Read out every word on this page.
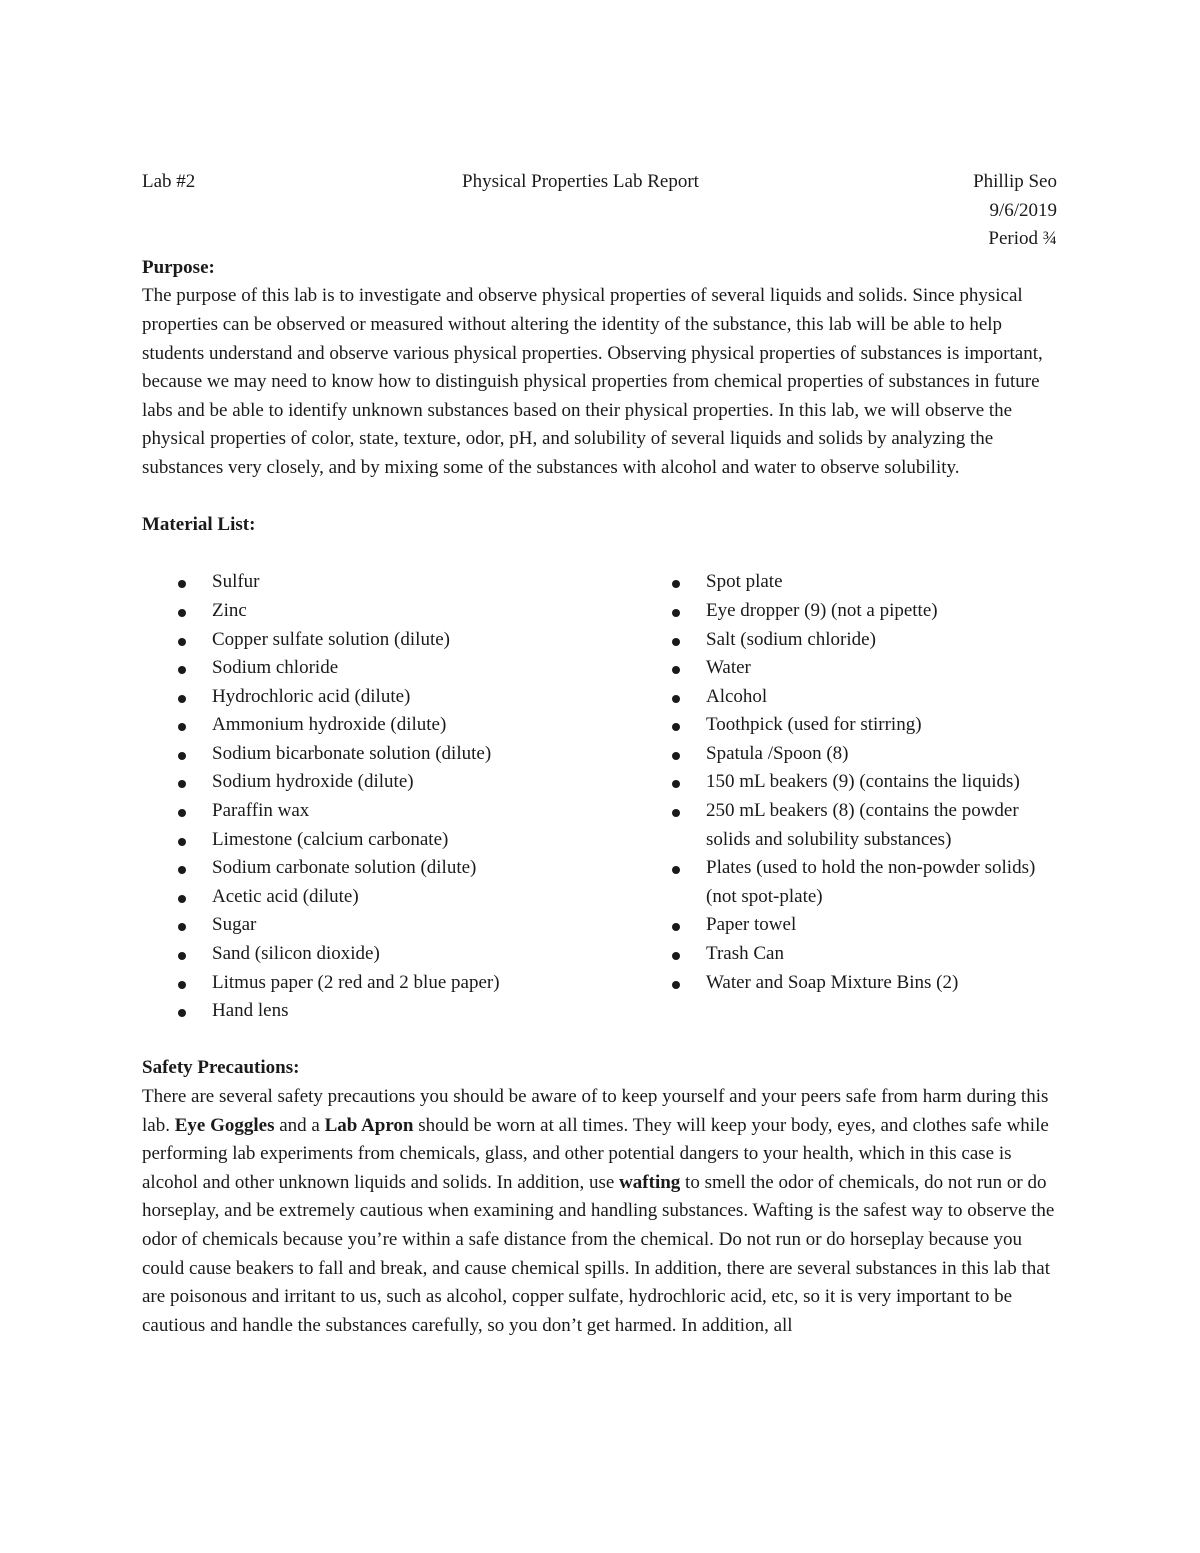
Lab #2	Physical Properties Lab Report	Phillip Seo
9/6/2019
Period ¾
Purpose:

The purpose of this lab is to investigate and observe physical properties of several liquids and solids. Since physical properties can be observed or measured without altering the identity of the substance, this lab will be able to help students understand and observe various physical properties. Observing physical properties of substances is important, because we may need to know how to distinguish physical properties from chemical properties of substances in future labs and be able to identify unknown substances based on their physical properties. In this lab, we will observe the physical properties of color, state, texture, odor, pH, and solubility of several liquids and solids by analyzing the substances very closely, and by mixing some of the substances with alcohol and water to observe solubility.

Material List:
Sulfur
Zinc
Copper sulfate solution (dilute)
Sodium chloride
Hydrochloric acid (dilute)
Ammonium hydroxide (dilute)
Sodium bicarbonate solution (dilute)
Sodium hydroxide (dilute)
Paraffin wax
Limestone (calcium carbonate)
Sodium carbonate solution (dilute)
Acetic acid (dilute)
Sugar
Sand (silicon dioxide)
Litmus paper (2 red and 2 blue paper)
Hand lens
Spot plate
Eye dropper (9) (not a pipette)
Salt (sodium chloride)
Water
Alcohol
Toothpick (used for stirring)
Spatula /Spoon (8)
150 mL beakers (9) (contains the liquids)
250 mL beakers (8) (contains the powder solids and solubility substances)
Plates (used to hold the non-powder solids) (not spot-plate)
Paper towel
Trash Can
Water and Soap Mixture Bins (2)
Safety Precautions:

There are several safety precautions you should be aware of to keep yourself and your peers safe from harm during this lab. Eye Goggles and a Lab Apron should be worn at all times. They will keep your body, eyes, and clothes safe while performing lab experiments from chemicals, glass, and other potential dangers to your health, which in this case is alcohol and other unknown liquids and solids. In addition, use wafting to smell the odor of chemicals, do not run or do horseplay, and be extremely cautious when examining and handling substances. Wafting is the safest way to observe the odor of chemicals because you’re within a safe distance from the chemical. Do not run or do horseplay because you could cause beakers to fall and break, and cause chemical spills. In addition, there are several substances in this lab that are poisonous and irritant to us, such as alcohol, copper sulfate, hydrochloric acid, etc, so it is very important to be cautious and handle the substances carefully, so you don’t get harmed. In addition, all
